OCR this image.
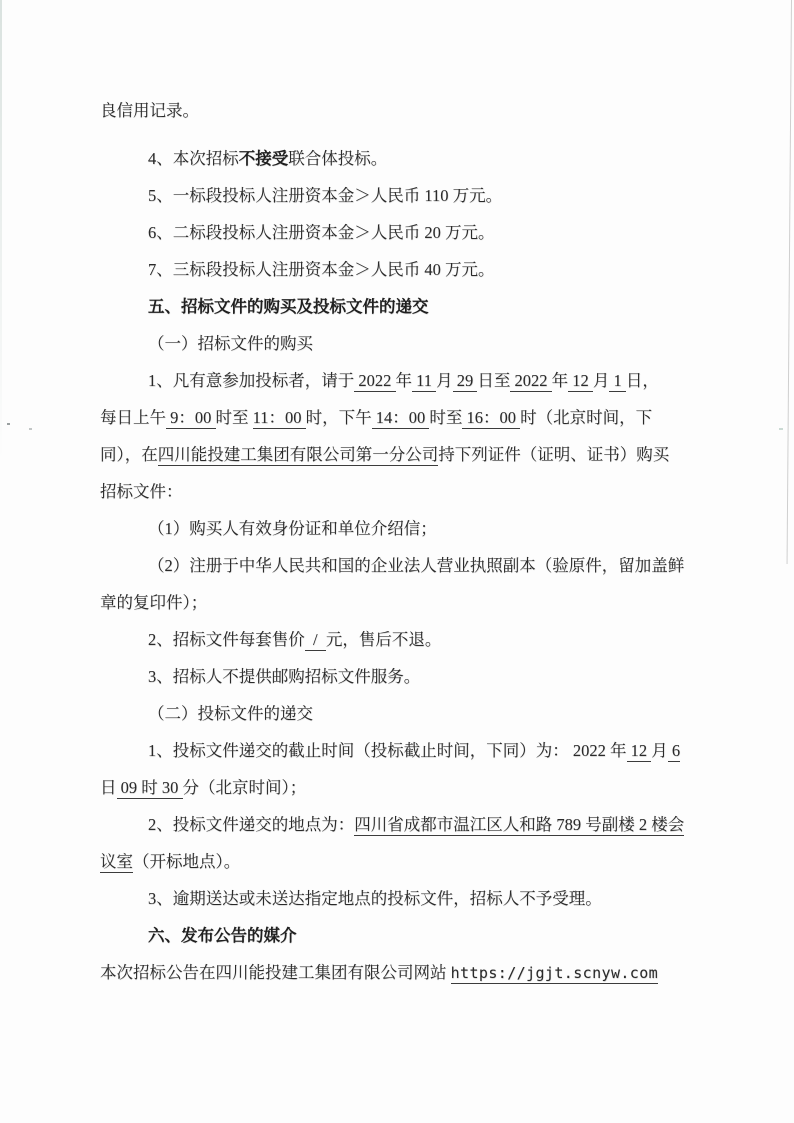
良信用记录。
4、本次招标不接受联合体投标。
5、一标段投标人注册资本金＞人民币 110 万元。
6、二标段投标人注册资本金＞人民币 20 万元。
7、三标段投标人注册资本金＞人民币 40 万元。
五、招标文件的购买及投标文件的递交
（一）招标文件的购买
1、凡有意参加投标者，请于 2022 年 11 月 29 日至 2022 年 12 月 1 日，
每日上午 9：00 时至 11：00 时，下午 14：00 时至 16：00 时（北京时间，下
同），在四川能投建工集团有限公司第一分公司持下列证件（证明、证书）购买
招标文件：
（1）购买人有效身份证和单位介绍信；
（2）注册于中华人民共和国的企业法人营业执照副本（验原件，留加盖鲜
章的复印件）；
2、招标文件每套售价  /  元，售后不退。
3、招标人不提供邮购招标文件服务。
（二）投标文件的递交
1、投标文件递交的截止时间（投标截止时间，下同）为： 2022 年 12 月 6
日 09 时 30 分（北京时间）；
2、投标文件递交的地点为：四川省成都市温江区人和路 789 号副楼 2 楼会
议室（开标地点）。
3、逾期送达或未送达指定地点的投标文件，招标人不予受理。
六、发布公告的媒介
本次招标公告在四川能投建工集团有限公司网站 https://jgjt.scnyw.com
